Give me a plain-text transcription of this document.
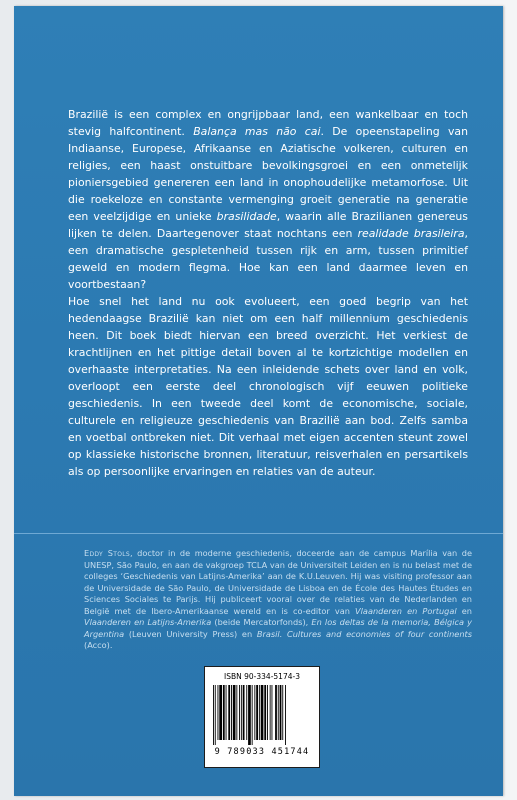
Brazilië is een complex en ongrijpbaar land, een wankelbaar en toch stevig halfcontinent. Balança mas não cai. De opeenstapeling van Indiaanse, Europese, Afrikaanse en Aziatische volkeren, culturen en religies, een haast onstuitbare bevolkingsgroei en een onmetelijk pioniersgebied genereren een land in onophoudelijke metamorfose. Uit die roekeloze en constante vermenging groeit generatie na generatie een veelzijdige en unieke brasilidade, waarin alle Brazilianen genereus lijken te delen. Daartegenover staat nochtans een realidade brasileira, een dramatische gespletenheid tussen rijk en arm, tussen primitief geweld en modern flegma. Hoe kan een land daarmee leven en voortbestaan?

Hoe snel het land nu ook evolueert, een goed begrip van het hedendaagse Brazilië kan niet om een half millennium geschiedenis heen. Dit boek biedt hiervan een breed overzicht. Het verkiest de krachtlijnen en het pittige detail boven al te kortzichtige modellen en overhaaste interpretaties. Na een inleidende schets over land en volk, overloopt een eerste deel chronologisch vijf eeuwen politieke geschiedenis. In een tweede deel komt de economische, sociale, culturele en religieuze geschiedenis van Brazilië aan bod. Zelfs samba en voetbal ontbreken niet. Dit verhaal met eigen accenten steunt zowel op klassieke historische bronnen, literatuur, reisverhalen en persartikels als op persoonlijke ervaringen en relaties van de auteur.

Eddy Stols, doctor in de moderne geschiedenis, doceerde aan de campus Marília van de UNESP, São Paulo, en aan de vakgroep TCLA van de Universiteit Leiden en is nu belast met de colleges ‘Geschiedenis van Latijns-Amerika’ aan de K.U.Leuven. Hij was visiting professor aan de Universidade de São Paulo, de Universidade de Lisboa en de École des Hautes Études en Sciences Sociales te Parijs. Hij publiceert vooral over de relaties van de Nederlanden en België met de Ibero-Amerikaanse wereld en is co-editor van Vlaanderen en Portugal en Vlaanderen en Latijns-Amerika (beide Mercatorfonds), En los deltas de la memoria, Bélgica y Argentina (Leuven University Press) en Brasil. Cultures and economies of four continents (Acco).

ISBN 90-334-5174-3
9 789033 451744
